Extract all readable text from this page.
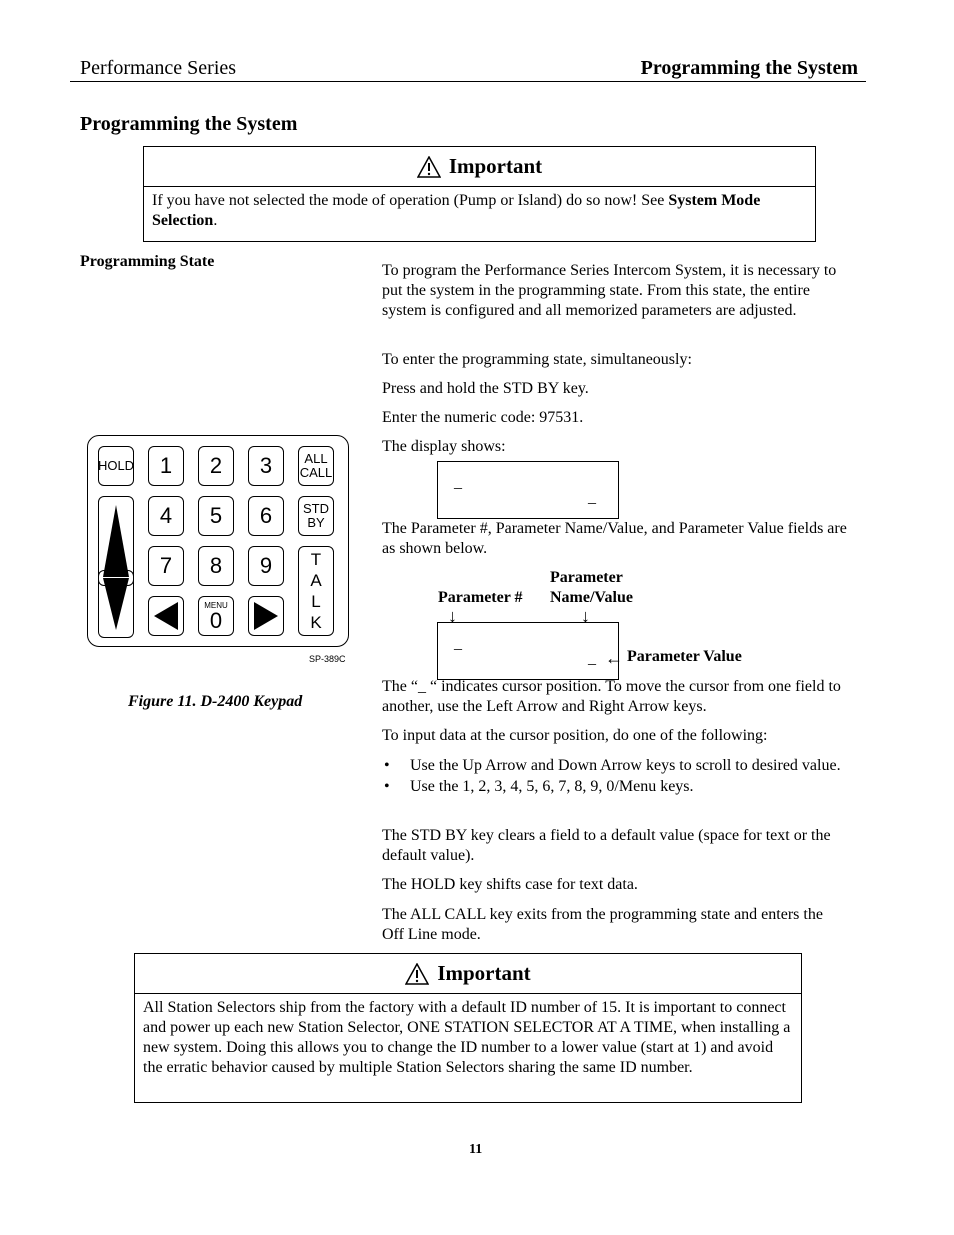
Performance Series	Programming the System
Programming the System
Important
If you have not selected the mode of operation (Pump or Island) do so now! See System Mode Selection.
Programming State
To program the Performance Series Intercom System, it is necessary to put the system in the programming state. From this state, the entire system is configured and all memorized parameters are adjusted.
To enter the programming state, simultaneously:
Press and hold the STD BY key.
Enter the numeric code: 97531.
The display shows:
_
_
The Parameter #, Parameter Name/Value, and Parameter Value fields are as shown below.
Parameter
Parameter # Name/Value
↓	↓
_
_ ← Parameter Value
The “_ “ indicates cursor position. To move the cursor from one field to another, use the Left Arrow and Right Arrow keys.
To input data at the cursor position, do one of the following:
• Use the Up Arrow and Down Arrow keys to scroll to desired value.
• Use the 1, 2, 3, 4, 5, 6, 7, 8, 9, 0/Menu keys.
The STD BY key clears a field to a default value (space for text or the default value).
The HOLD key shifts case for text data.
The ALL CALL key exits from the programming state and enters the Off Line mode.
HOLD 1 2 3 ALL
CALL
4 5 6 STD
BY
7 8 9 T
A
L
K
MENU
0
SP-389C
Figure 11. D-2400 Keypad
Important
All Station Selectors ship from the factory with a default ID number of 15. It is important to connect and power up each new Station Selector, ONE STATION SELECTOR AT A TIME, when installing a new system. Doing this allows you to change the ID number to a lower value (start at 1) and avoid the erratic behavior caused by multiple Station Selectors sharing the same ID number.
11
